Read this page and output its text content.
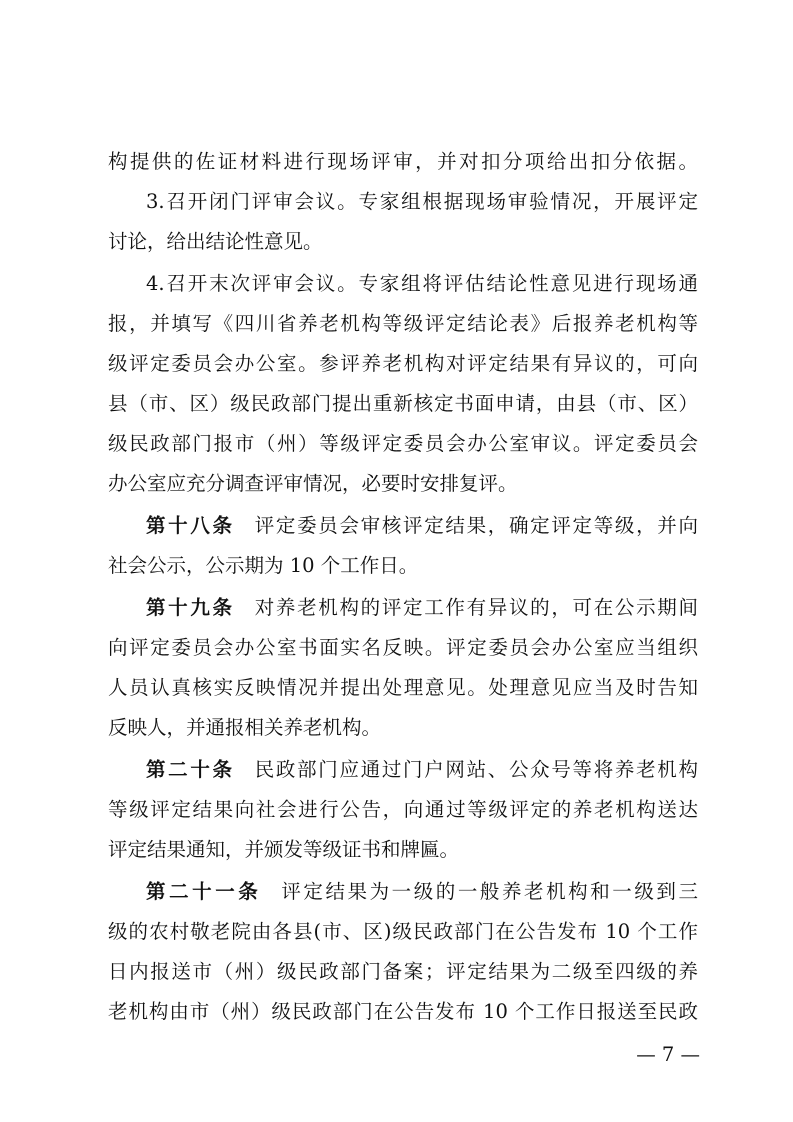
构提供的佐证材料进行现场评审，并对扣分项给出扣分依据。
3.召开闭门评审会议。专家组根据现场审验情况，开展评定
讨论，给出结论性意见。
4.召开末次评审会议。专家组将评估结论性意见进行现场通
报，并填写《四川省养老机构等级评定结论表》后报养老机构等
级评定委员会办公室。参评养老机构对评定结果有异议的，可向
县（市、区）级民政部门提出重新核定书面申请，由县（市、区）
级民政部门报市（州）等级评定委员会办公室审议。评定委员会
办公室应充分调查评审情况，必要时安排复评。
第十八条 评定委员会审核评定结果，确定评定等级，并向
社会公示，公示期为 10 个工作日。
第十九条 对养老机构的评定工作有异议的，可在公示期间
向评定委员会办公室书面实名反映。评定委员会办公室应当组织
人员认真核实反映情况并提出处理意见。处理意见应当及时告知
反映人，并通报相关养老机构。
第二十条 民政部门应通过门户网站、公众号等将养老机构
等级评定结果向社会进行公告，向通过等级评定的养老机构送达
评定结果通知，并颁发等级证书和牌匾。
第二十一条 评定结果为一级的一般养老机构和一级到三
级的农村敬老院由各县(市、区)级民政部门在公告发布 10 个工作
日内报送市（州）级民政部门备案；评定结果为二级至四级的养
老机构由市（州）级民政部门在公告发布 10 个工作日报送至民政
— 7 —
